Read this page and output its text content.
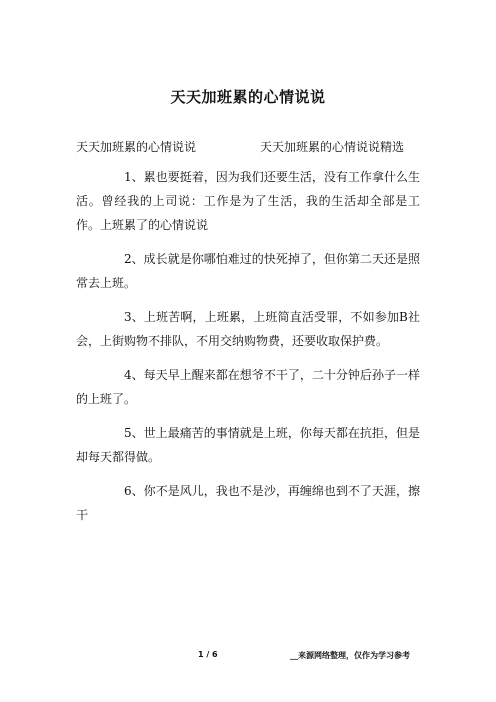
天天加班累的心情说说
天天加班累的心情说说	天天加班累的心情说说精选

1、累也要挺着，因为我们还要生活，没有工作拿什么生活。曾经我的上司说：工作是为了生活，我的生活却全部是工作。上班累了的心情说说

2、成长就是你哪怕难过的快死掉了，但你第二天还是照常去上班。

3、上班苦啊，上班累，上班简直活受罪，不如参加B社会，上街购物不排队，不用交纳购物费，还要收取保护费。

4、每天早上醒来都在想爷不干了，二十分钟后孙子一样的上班了。

5、世上最痛苦的事情就是上班，你每天都在抗拒，但是却每天都得做。

6、你不是风儿，我也不是沙，再缠绵也到不了天涯，擦干

1 / 6	__来源网络整理，仅作为学习参考
